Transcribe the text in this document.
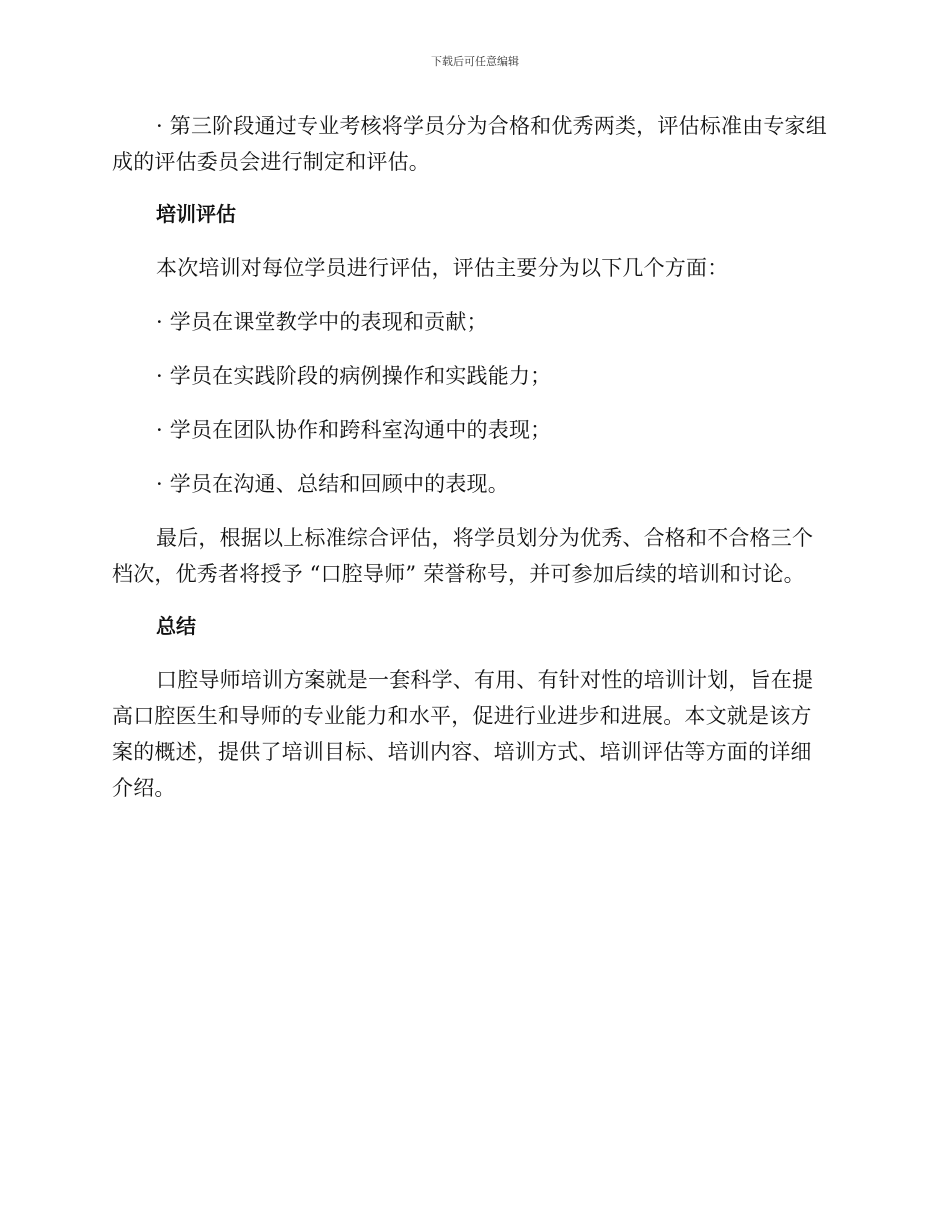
下载后可任意编辑

· 第三阶段通过专业考核将学员分为合格和优秀两类，评估标准由专家组成的评估委员会进行制定和评估。

培训评估

本次培训对每位学员进行评估，评估主要分为以下几个方面：

· 学员在课堂教学中的表现和贡献；

· 学员在实践阶段的病例操作和实践能力；

· 学员在团队协作和跨科室沟通中的表现；

· 学员在沟通、总结和回顾中的表现。

最后，根据以上标准综合评估，将学员划分为优秀、合格和不合格三个档次，优秀者将授予 “口腔导师” 荣誉称号，并可参加后续的培训和讨论。

总结

口腔导师培训方案就是一套科学、有用、有针对性的培训计划，旨在提高口腔医生和导师的专业能力和水平，促进行业进步和进展。本文就是该方案的概述，提供了培训目标、培训内容、培训方式、培训评估等方面的详细介绍。
